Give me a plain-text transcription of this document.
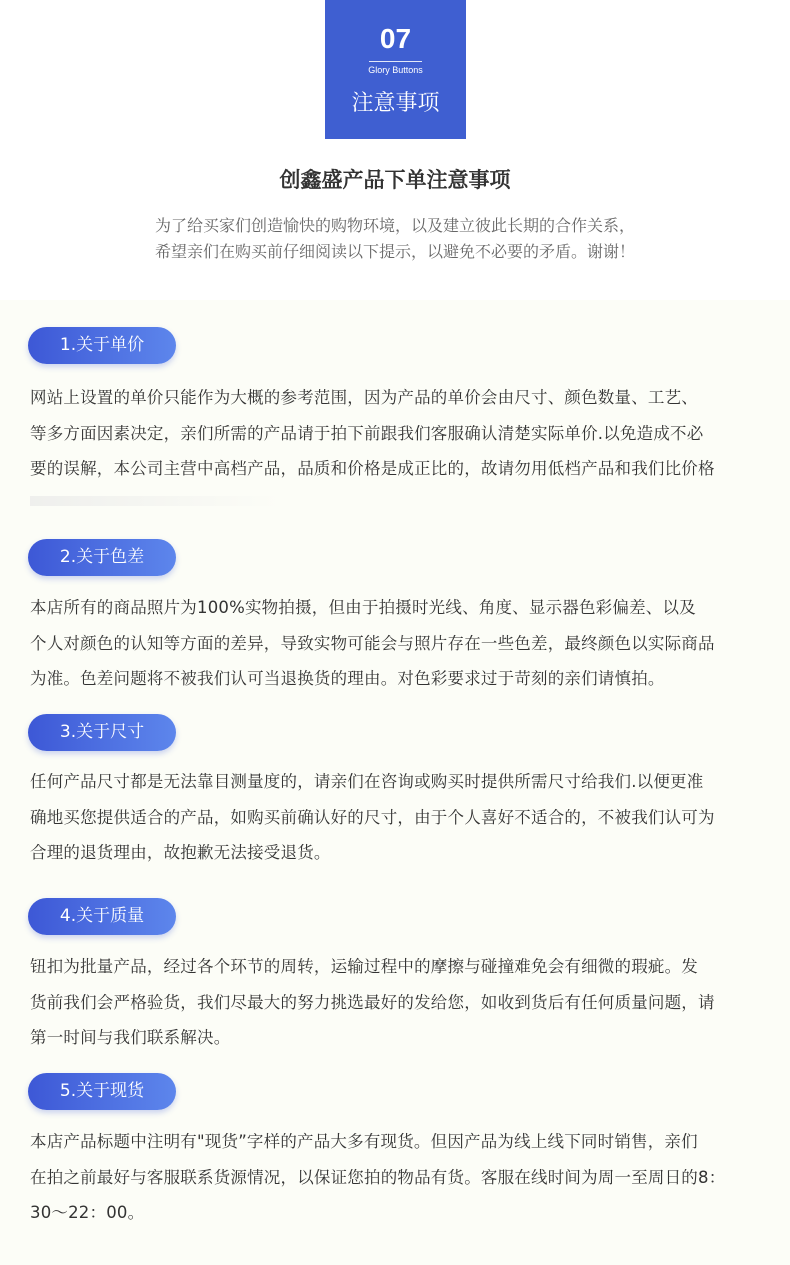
07
Glory Buttons
注意事项
创鑫盛产品下单注意事项
为了给买家们创造愉快的购物环境，以及建立彼此长期的合作关系，
希望亲们在购买前仔细阅读以下提示，以避免不必要的矛盾。谢谢！
1.关于单价
网站上设置的单价只能作为大概的参考范围，因为产品的单价会由尺寸、颜色数量、工艺、
等多方面因素决定，亲们所需的产品请于拍下前跟我们客服确认清楚实际单价.以免造成不必
要的误解，本公司主营中高档产品，品质和价格是成正比的，故请勿用低档产品和我们比价格
2.关于色差
本店所有的商品照片为100%实物拍摄，但由于拍摄时光线、角度、显示器色彩偏差、以及
个人对颜色的认知等方面的差异，导致实物可能会与照片存在一些色差，最终颜色以实际商品
为准。色差问题将不被我们认可当退换货的理由。对色彩要求过于苛刻的亲们请慎拍。
3.关于尺寸
任何产品尺寸都是无法靠目测量度的，请亲们在咨询或购买时提供所需尺寸给我们.以便更准
确地买您提供适合的产品，如购买前确认好的尺寸，由于个人喜好不适合的，不被我们认可为
合理的退货理由，故抱歉无法接受退货。
4.关于质量
钮扣为批量产品，经过各个环节的周转，运输过程中的摩擦与碰撞难免会有细微的瑕疵。发
货前我们会严格验货，我们尽最大的努力挑选最好的发给您，如收到货后有任何质量问题，请
第一时间与我们联系解决。
5.关于现货
本店产品标题中注明有"现货”字样的产品大多有现货。但因产品为线上线下同时销售，亲们
在拍之前最好与客服联系货源情况，以保证您拍的物品有货。客服在线时间为周一至周日的8：
30～22：00。
